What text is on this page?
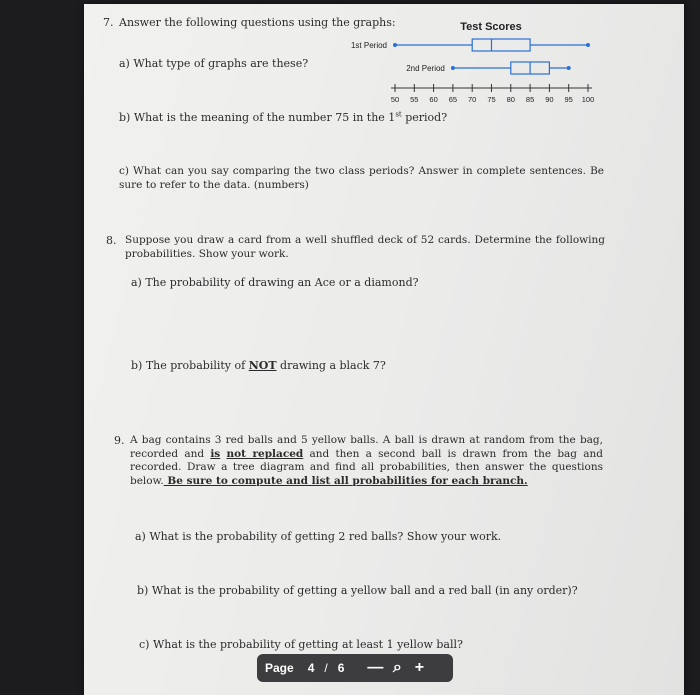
7. Answer the following questions using the graphs:
a) What type of graphs are these?
b) What is the meaning of the number 75 in the 1st period?
c) What can you say comparing the two class periods? Answer in complete sentences. Be sure to refer to the data. (numbers)
Test Scores
1st Period
2nd Period
50 55 60 65 70 75 80 85 90 95 100
8. Suppose you draw a card from a well shuffled deck of 52 cards. Determine the following probabilities. Show your work.
a) The probability of drawing an Ace or a diamond?
b) The probability of NOT drawing a black 7?
9. A bag contains 3 red balls and 5 yellow balls. A ball is drawn at random from the bag, recorded and is not replaced and then a second ball is drawn from the bag and recorded. Draw a tree diagram and find all probabilities, then answer the questions below. Be sure to compute and list all probabilities for each branch.
a) What is the probability of getting 2 red balls? Show your work.
b) What is the probability of getting a yellow ball and a red ball (in any order)?
c) What is the probability of getting at least 1 yellow ball?
Page 4 / 6 — ⌕ +
